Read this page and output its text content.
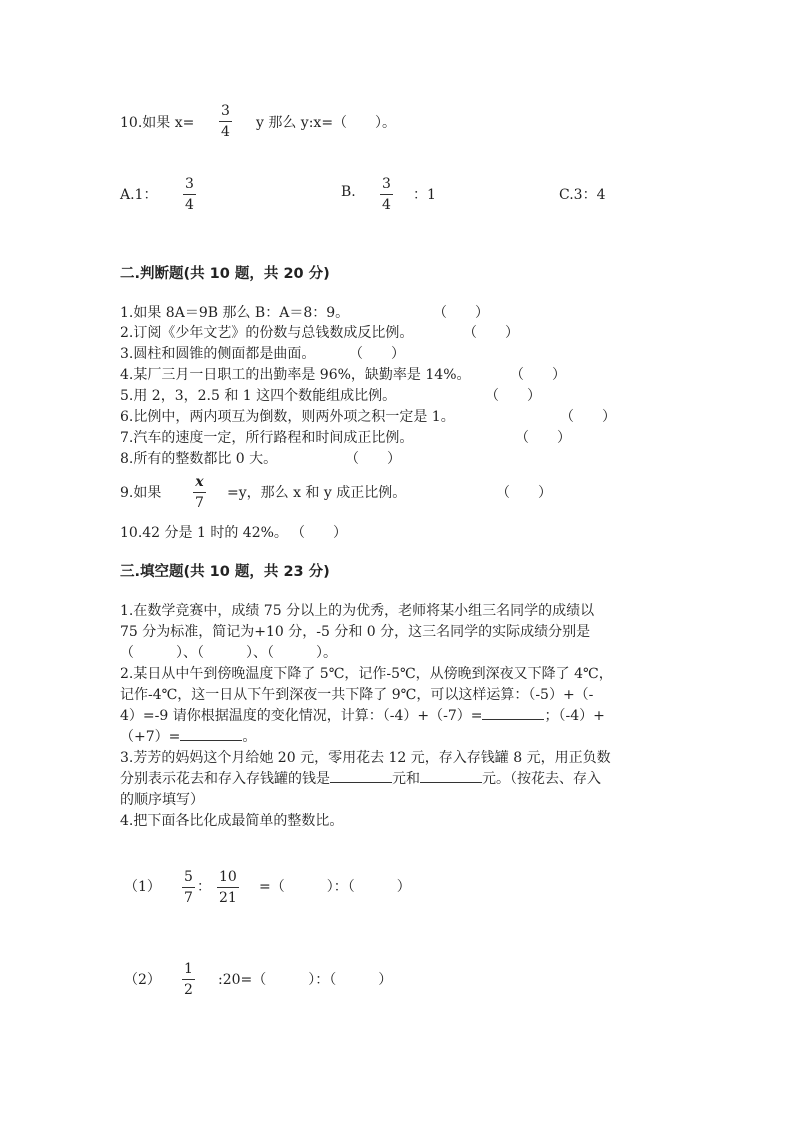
10.如果 $x= \frac{3}{4}$ y 那么 y:x=（　　）。
A.1： $\frac{3}{4}$	B. $\frac{3}{4}$ ：1	C.3：4
二.判断题(共 10 题，共 20 分)
1.如果 8A＝9B 那么 B：A＝8：9。	（　　）
2.订阅《少年文艺》的份数与总钱数成反比例。	（　　）
3.圆柱和圆锥的侧面都是曲面。 （　　）
4.某厂三月一日职工的出勤率是 96%，缺勤率是 14%。	（　　）
5.用 2，3，2.5 和 1 这四个数能组成比例。	（　　）
6.比例中，两内项互为倒数，则两外项之积一定是 1。	（　　）
7.汽车的速度一定，所行路程和时间成正比例。	（　　）
8.所有的整数都比 0 大。	（　　）
9.如果 $\frac{x}{7} =y$，那么 x 和 y 成正比例。	（　　）
10.42 分是 1 时的 42%。 （　　）
三.填空题(共 10 题，共 23 分)
1.在数学竞赛中，成绩 75 分以上的为优秀，老师将某小组三名同学的成绩以
75 分为标准，简记为+10 分，-5 分和 0 分，这三名同学的实际成绩分别是
（　　　）、（　　　）、（　　　）。
2.某日从中午到傍晚温度下降了 5℃，记作-5℃，从傍晚到深夜又下降了 4℃，
记作-4℃，这一日从下午到深夜一共下降了 9℃，可以这样运算：（-5）+（-
4）=-9 请你根据温度的变化情况，计算：（-4）+（-7）=	；（-4）+
（+7）=	。
3.芳芳的妈妈这个月给她 20 元，零用花去 12 元，存入存钱罐 8 元，用正负数
分别表示花去和存入存钱罐的钱是	元和	元。（按花去、存入
的顺序填写）
4.把下面各比化成最简单的整数比。
$(1) \frac{5}{7}$ ： $\frac{10}{21}$ =（　　　）：（　　　）
$(2) \frac{1}{2}$ :20=（　　　）：（　　　）
